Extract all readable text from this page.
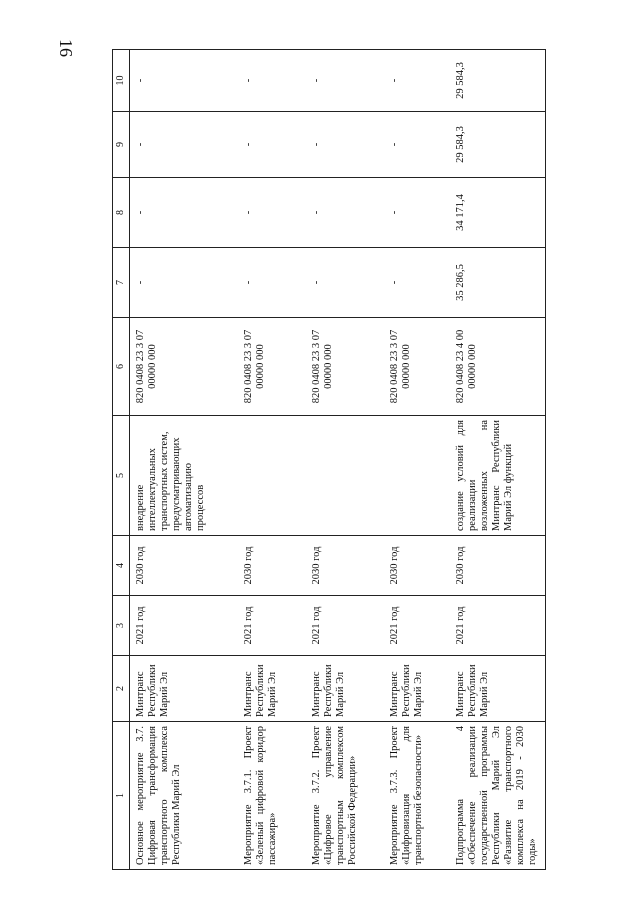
16
1	2	3	4	5	6	7	8	9	10
Основное мероприятие 3.7. Цифровая трансформация транспортного комплекса Республики Марий Эл	Минтранс Республики Марий Эл	2021 год	2030 год	внедрение интеллектуальных транспортных систем, предусматривающих автоматизацию процессов	820 0408 23 3 07 00000 000	-	-	-	-
Мероприятие 3.7.1. Проект «Зеленый цифровой коридор пассажира»	Минтранс Республики Марий Эл	2021 год	2030 год		820 0408 23 3 07 00000 000	-	-	-	-
Мероприятие 3.7.2. Проект «Цифровое управление транспортным комплексом Российской Федерации»	Минтранс Республики Марий Эл	2021 год	2030 год		820 0408 23 3 07 00000 000	-	-	-	-
Мероприятие 3.7.3. Проект «Цифровизация для транспортной безопасности»	Минтранс Республики Марий Эл	2021 год	2030 год		820 0408 23 3 07 00000 000	-	-	-	-
Подпрограмма 4 «Обеспечение реализации государственной программы Республики Марий Эл «Развитие транспортного комплекса на 2019 - 2030 годы»	Минтранс Республики Марий Эл	2021 год	2030 год	создание условий для реализации возложенных на Минтранс Республики Марий Эл функций	820 0408 23 4 00 00000 000	35 286,5	34 171,4	29 584,3	29 584,3
